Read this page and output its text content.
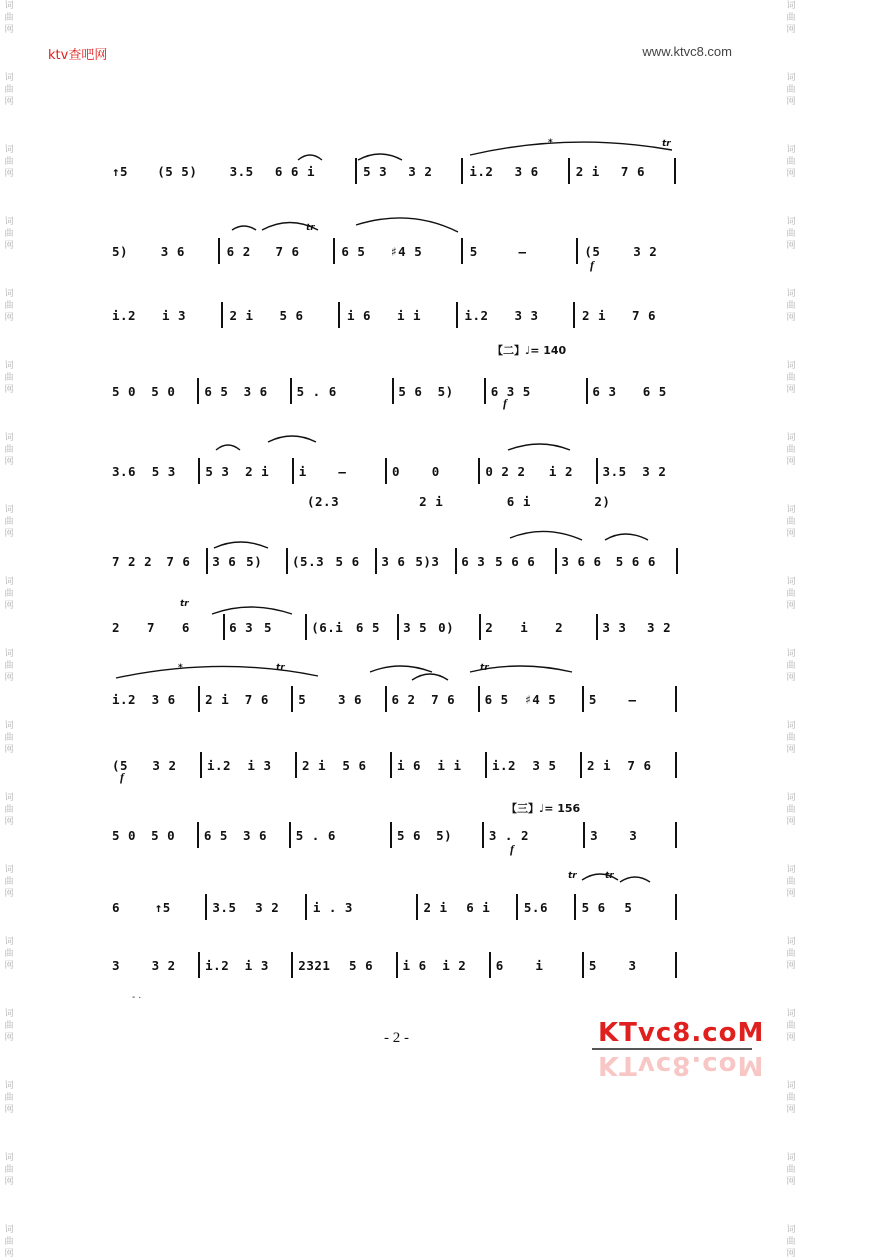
词
曲
网
词
曲
网
词
曲
网
词
曲
网
词
曲
网
词
曲
网
词
曲
网
词
曲
网
词
曲
网
词
曲
网
词
曲
网
词
曲
网
词
曲
网
词
曲
网
词
曲
网
词
曲
网
词
曲
网
词
曲
网
词
曲
网
词
曲
网
词
曲
网
词
曲
网
词
曲
网
词
曲
网
词
曲
网
词
曲
网
词
曲
网
词
曲
网
词
曲
网
词
曲
网
词
曲
网
词
曲
网
词
曲
网
词
曲
网
词
曲
网
词
曲
网
ktv查吧网	www.ktvc8.com
tr
tr
tr
tr	tr
tr	tr
*
*
↑5 (5 5)	3.5 6 6 i	5 3 3 2	i.2 3 6	2 i 7 6
5)	3 6	6 2 7 6	6 5 ♯4 5	5	—	(5	3 2
i.2 i 3	2 i 5 6	i 6 i i	i.2 3 3	2 i 7 6
5 0 5 0 6 5 3 6 5 . 6	5 6 5)	6 3 5	6 3 6 5
3.6 5 3 5 3 2 i i	—	0	0	0 2 2 i 2 3.5 3 2
(2.3	2 i	6 i	2)
7 2 2 7 6 3 6 5) (5.3 5 6 3 6 5)3 6 3 5 6 6 3 6 6 5 6 6
2 7 6	6 3 5	(6.i 6 5 3 5 0) 2 i 2	3 3 3 2
i.2 3 6 2 i 7 6 5	3 6 6 2 7 6 6 5 ♯4 5	5	—
(5 3 2 i.2 i 3 2 i 5 6 i 6 i i i.2 3 5 2 i 7 6
5 0 5 0 6 5 3 6 5 . 6	5 6 5)	3 . 2	3 3
6	↑5	3.5 3 2	i . 3	2 i 6 i	5.6	5 6 5
3	3 2 i.2 i 3 2321 5 6 i 6 i 2 6	i	5	3
【二】♩= 140
【三】♩= 156
f
f
f
f
- ·
- 2 -	KTvc8.coM
KTvc8.coM
